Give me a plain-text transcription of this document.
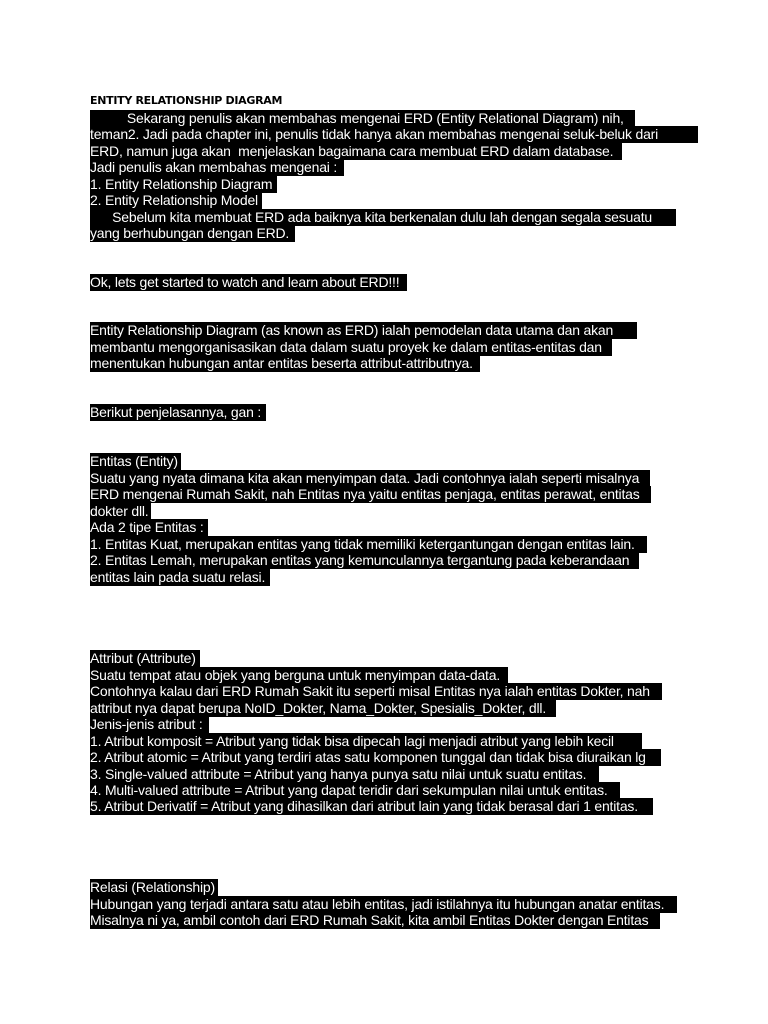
ENTITY RELATIONSHIP DIAGRAM
Sekarang penulis akan membahas mengenai ERD (Entity Relational Diagram) nih,
teman2. Jadi pada chapter ini, penulis tidak hanya akan membahas mengenai seluk-beluk dari
ERD, namun juga akan  menjelaskan bagaimana cara membuat ERD dalam database.
Jadi penulis akan membahas mengenai :
1. Entity Relationship Diagram
2. Entity Relationship Model
Sebelum kita membuat ERD ada baiknya kita berkenalan dulu lah dengan segala sesuatu
yang berhubungan dengan ERD.
Ok, lets get started to watch and learn about ERD!!!
Entity Relationship Diagram (as known as ERD) ialah pemodelan data utama dan akan
membantu mengorganisasikan data dalam suatu proyek ke dalam entitas-entitas dan
menentukan hubungan antar entitas beserta attribut-attributnya.
Berikut penjelasannya, gan :
Entitas (Entity)
Suatu yang nyata dimana kita akan menyimpan data. Jadi contohnya ialah seperti misalnya
ERD mengenai Rumah Sakit, nah Entitas nya yaitu entitas penjaga, entitas perawat, entitas
dokter dll.
Ada 2 tipe Entitas :
1. Entitas Kuat, merupakan entitas yang tidak memiliki ketergantungan dengan entitas lain.
2. Entitas Lemah, merupakan entitas yang kemunculannya tergantung pada keberandaan
entitas lain pada suatu relasi.
Attribut (Attribute)
Suatu tempat atau objek yang berguna untuk menyimpan data-data.
Contohnya kalau dari ERD Rumah Sakit itu seperti misal Entitas nya ialah entitas Dokter, nah
attribut nya dapat berupa NoID_Dokter, Nama_Dokter, Spesialis_Dokter, dll.
Jenis-jenis atribut :
1. Atribut komposit = Atribut yang tidak bisa dipecah lagi menjadi atribut yang lebih kecil
2. Atribut atomic = Atribut yang terdiri atas satu komponen tunggal dan tidak bisa diuraikan lg
3. Single-valued attribute = Atribut yang hanya punya satu nilai untuk suatu entitas.
4. Multi-valued attribute = Atribut yang dapat teridir dari sekumpulan nilai untuk entitas.
5. Atribut Derivatif = Atribut yang dihasilkan dari atribut lain yang tidak berasal dari 1 entitas.
Relasi (Relationship)
Hubungan yang terjadi antara satu atau lebih entitas, jadi istilahnya itu hubungan anatar entitas.
Misalnya ni ya, ambil contoh dari ERD Rumah Sakit, kita ambil Entitas Dokter dengan Entitas
